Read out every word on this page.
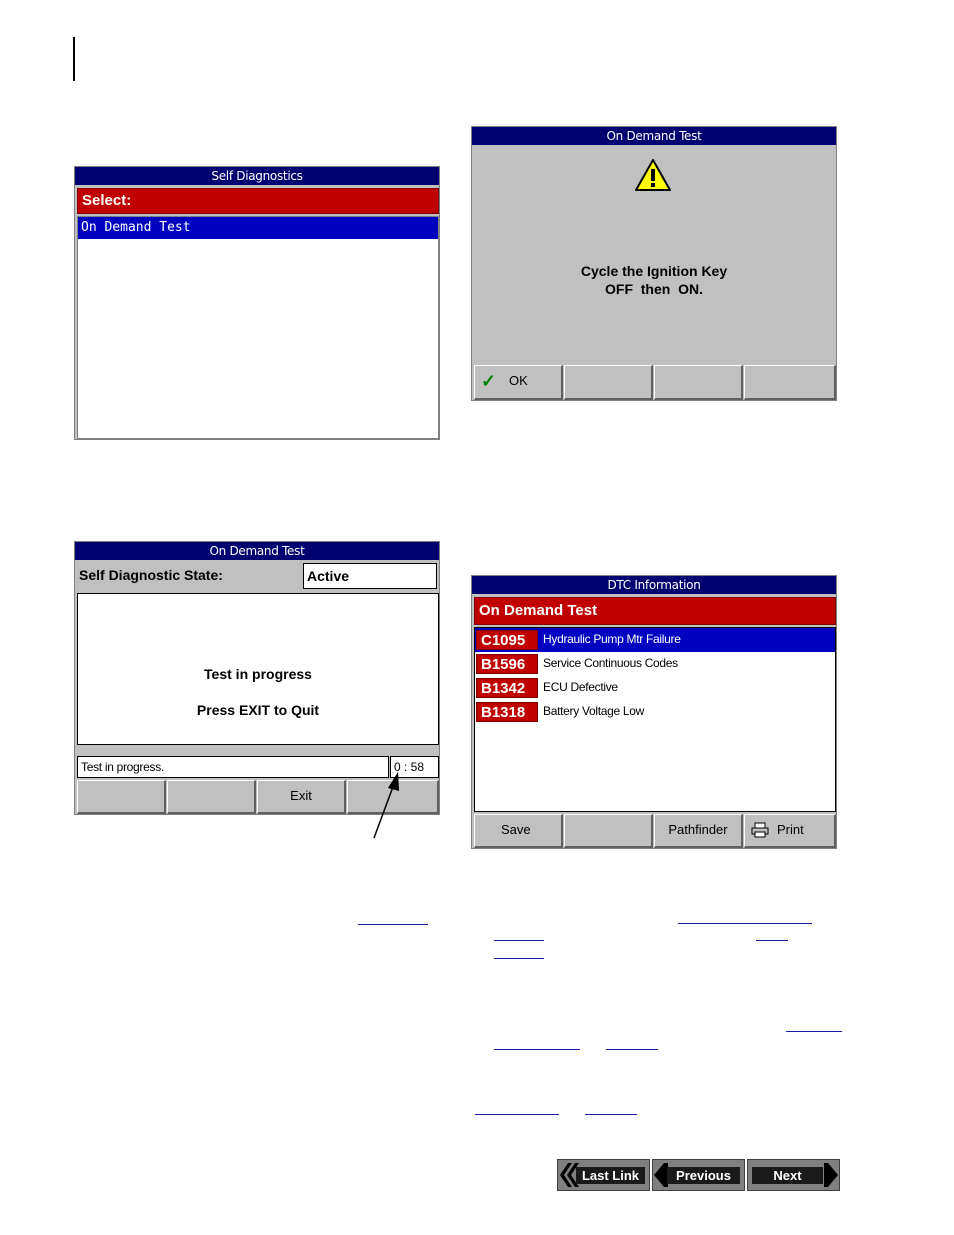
Self Diagnostics
Select:
On Demand Test
On Demand Test
Cycle the Ignition Key
OFF  then  ON.
✓ OK
On Demand Test
Self Diagnostic State:	Active
Test in progress
Press EXIT to Quit
Test in progress.	0 : 58
Exit
DTC Information
On Demand Test
C1095	Hydraulic Pump Mtr Failure
B1596	Service Continuous Codes
B1342	ECU Defective
B1318	Battery Voltage Low
Save	Pathfinder	Print
Last Link	Previous	Next
